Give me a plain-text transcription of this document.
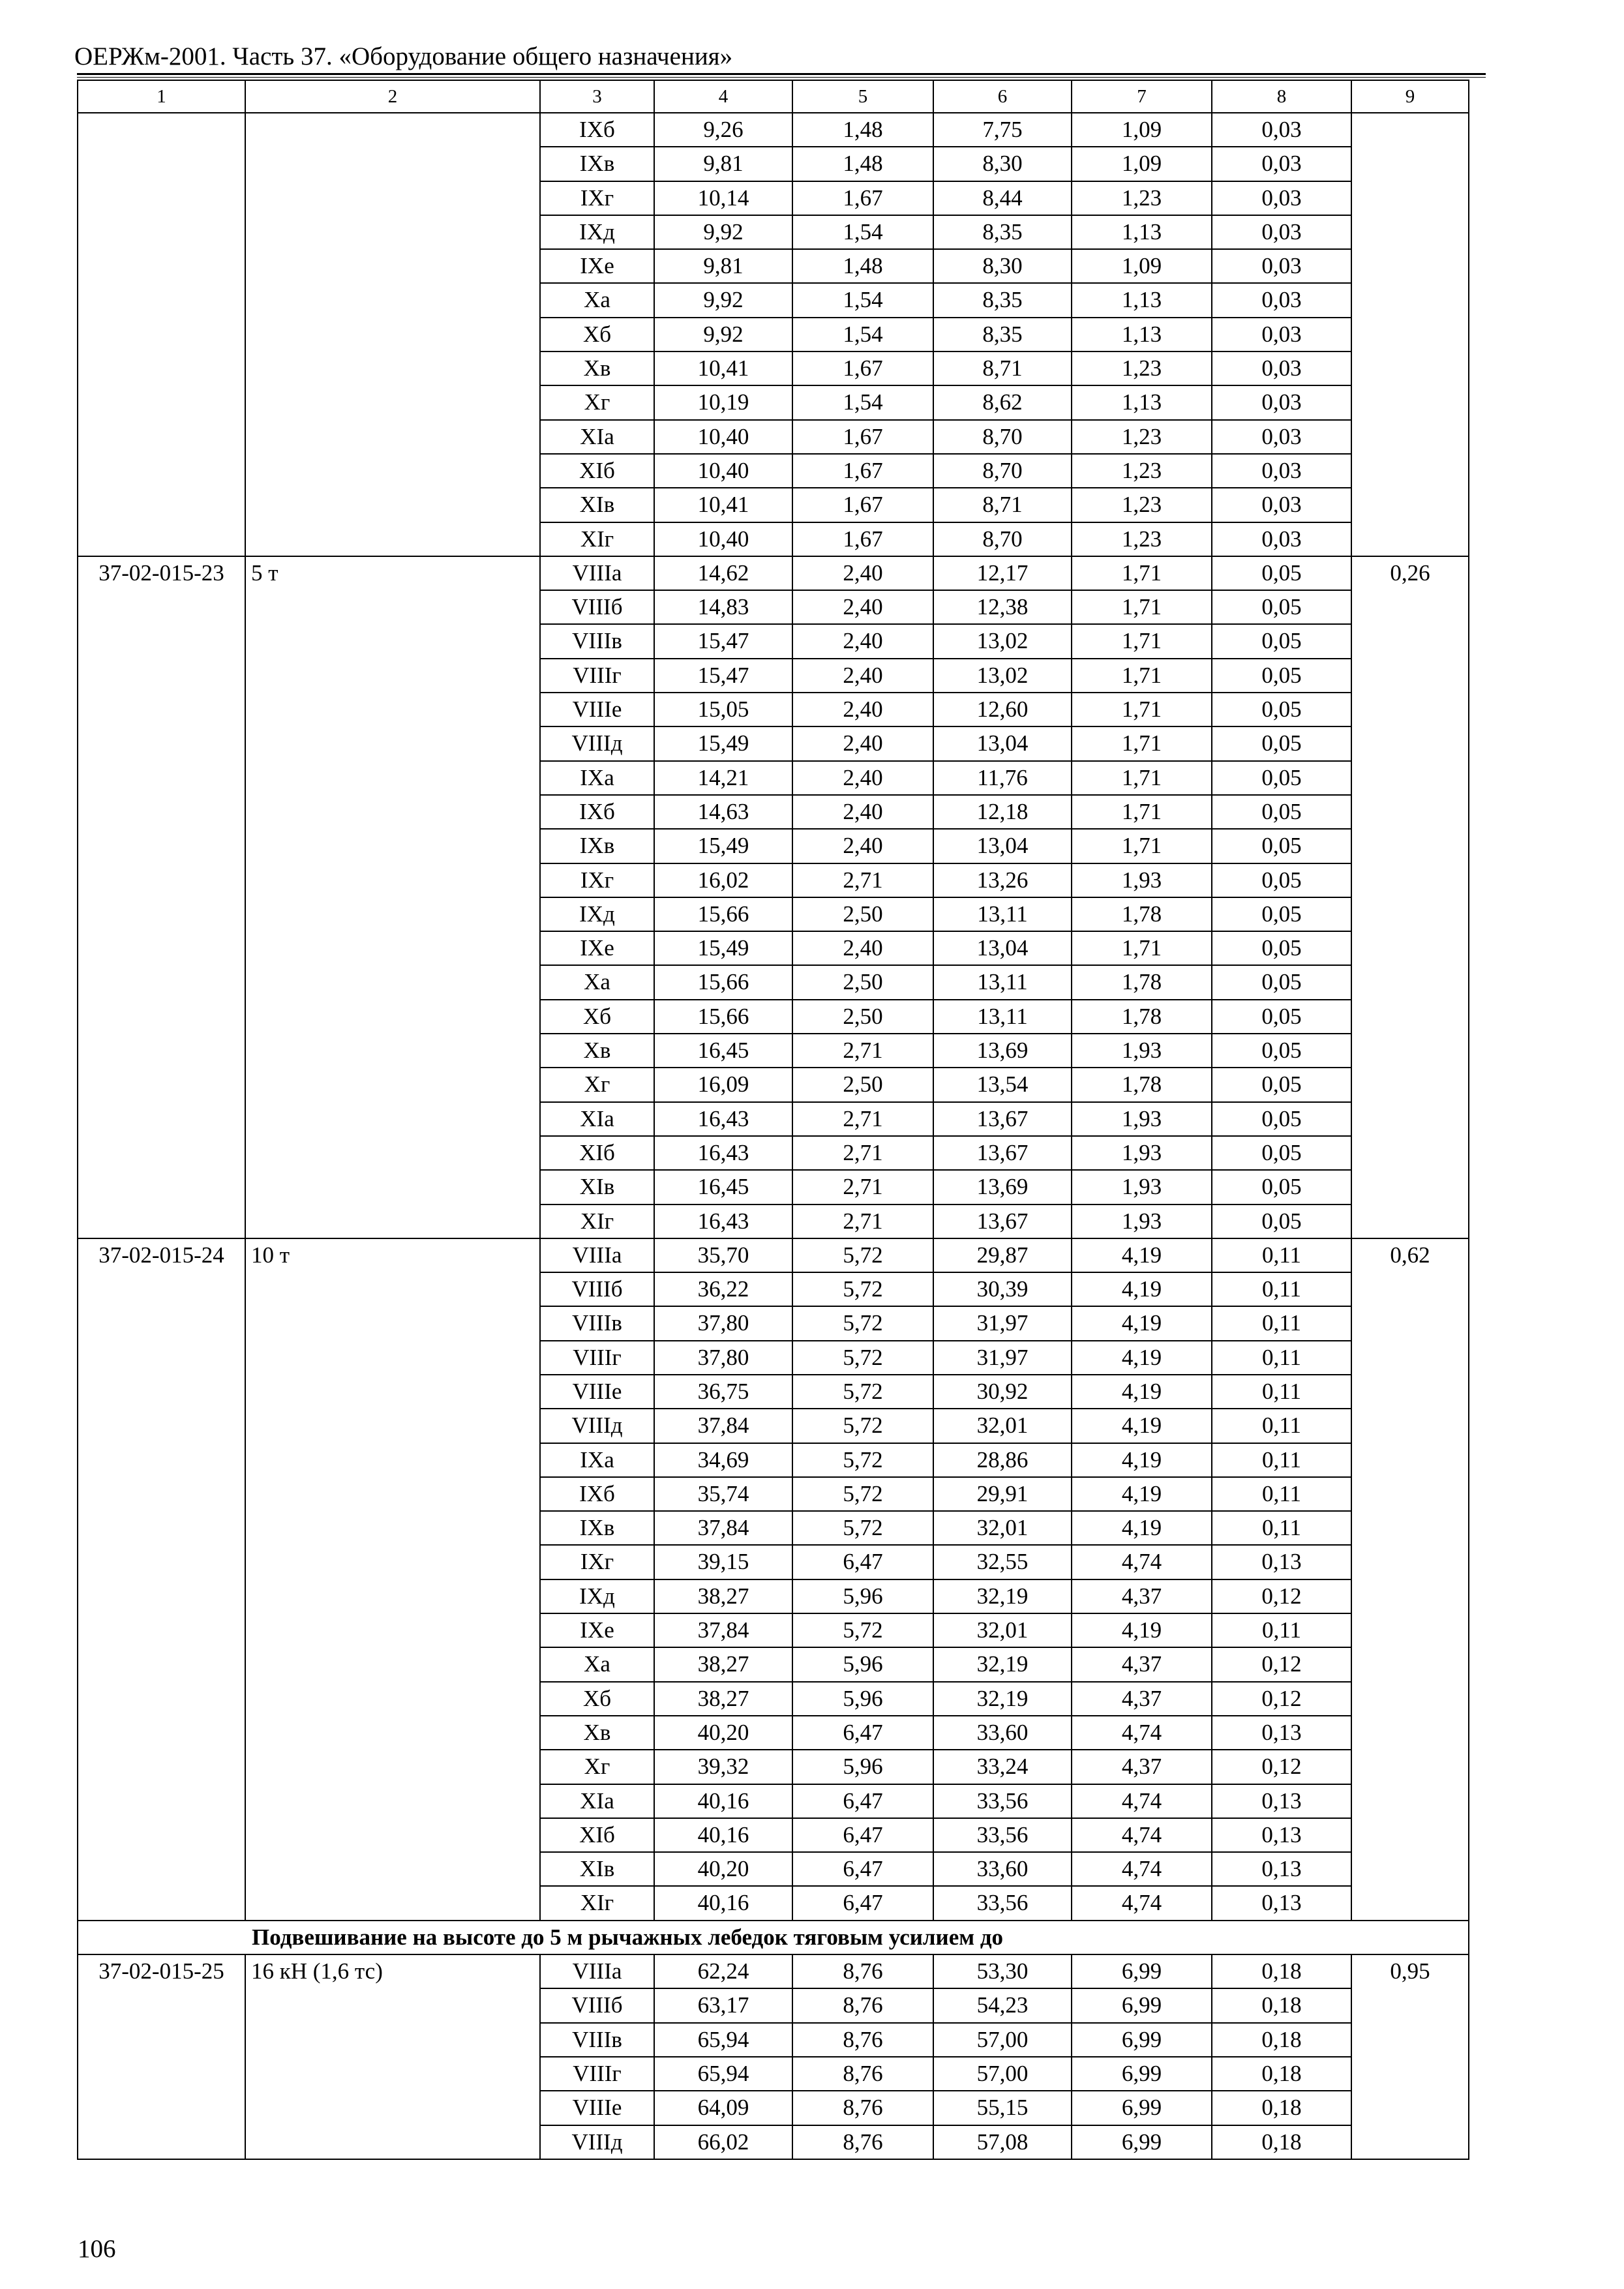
ОЕРЖм-2001. Часть 37. «Оборудование общего назначения»
1	2	3	4	5	6	7	8	9
		IXб	9,26	1,48	7,75	1,09	0,03	
		IXв	9,81	1,48	8,30	1,09	0,03	
		IXг	10,14	1,67	8,44	1,23	0,03	
		IXд	9,92	1,54	8,35	1,13	0,03	
		IXе	9,81	1,48	8,30	1,09	0,03	
		Xа	9,92	1,54	8,35	1,13	0,03	
		Xб	9,92	1,54	8,35	1,13	0,03	
		Xв	10,41	1,67	8,71	1,23	0,03	
		Xг	10,19	1,54	8,62	1,13	0,03	
		XIа	10,40	1,67	8,70	1,23	0,03	
		XIб	10,40	1,67	8,70	1,23	0,03	
		XIв	10,41	1,67	8,71	1,23	0,03	
		XIг	10,40	1,67	8,70	1,23	0,03	
37-02-015-23	5 т	VIIIа	14,62	2,40	12,17	1,71	0,05	0,26
		VIIIб	14,83	2,40	12,38	1,71	0,05	
		VIIIв	15,47	2,40	13,02	1,71	0,05	
		VIIIг	15,47	2,40	13,02	1,71	0,05	
		VIIIе	15,05	2,40	12,60	1,71	0,05	
		VIIIд	15,49	2,40	13,04	1,71	0,05	
		IXа	14,21	2,40	11,76	1,71	0,05	
		IXб	14,63	2,40	12,18	1,71	0,05	
		IXв	15,49	2,40	13,04	1,71	0,05	
		IXг	16,02	2,71	13,26	1,93	0,05	
		IXд	15,66	2,50	13,11	1,78	0,05	
		IXе	15,49	2,40	13,04	1,71	0,05	
		Xа	15,66	2,50	13,11	1,78	0,05	
		Xб	15,66	2,50	13,11	1,78	0,05	
		Xв	16,45	2,71	13,69	1,93	0,05	
		Xг	16,09	2,50	13,54	1,78	0,05	
		XIа	16,43	2,71	13,67	1,93	0,05	
		XIб	16,43	2,71	13,67	1,93	0,05	
		XIв	16,45	2,71	13,69	1,93	0,05	
		XIг	16,43	2,71	13,67	1,93	0,05	
37-02-015-24	10 т	VIIIа	35,70	5,72	29,87	4,19	0,11	0,62
		VIIIб	36,22	5,72	30,39	4,19	0,11	
		VIIIв	37,80	5,72	31,97	4,19	0,11	
		VIIIг	37,80	5,72	31,97	4,19	0,11	
		VIIIе	36,75	5,72	30,92	4,19	0,11	
		VIIIд	37,84	5,72	32,01	4,19	0,11	
		IXа	34,69	5,72	28,86	4,19	0,11	
		IXб	35,74	5,72	29,91	4,19	0,11	
		IXв	37,84	5,72	32,01	4,19	0,11	
		IXг	39,15	6,47	32,55	4,74	0,13	
		IXд	38,27	5,96	32,19	4,37	0,12	
		IXе	37,84	5,72	32,01	4,19	0,11	
		Xа	38,27	5,96	32,19	4,37	0,12	
		Xб	38,27	5,96	32,19	4,37	0,12	
		Xв	40,20	6,47	33,60	4,74	0,13	
		Xг	39,32	5,96	33,24	4,37	0,12	
		XIа	40,16	6,47	33,56	4,74	0,13	
		XIб	40,16	6,47	33,56	4,74	0,13	
		XIв	40,20	6,47	33,60	4,74	0,13	
		XIг	40,16	6,47	33,56	4,74	0,13	
Подвешивание на высоте до 5 м рычажных лебедок тяговым усилием до								
37-02-015-25	16 кН (1,6 тс)	VIIIа	62,24	8,76	53,30	6,99	0,18	0,95
		VIIIб	63,17	8,76	54,23	6,99	0,18	
		VIIIв	65,94	8,76	57,00	6,99	0,18	
		VIIIг	65,94	8,76	57,00	6,99	0,18	
		VIIIе	64,09	8,76	55,15	6,99	0,18	
		VIIIд	66,02	8,76	57,08	6,99	0,18	
106
